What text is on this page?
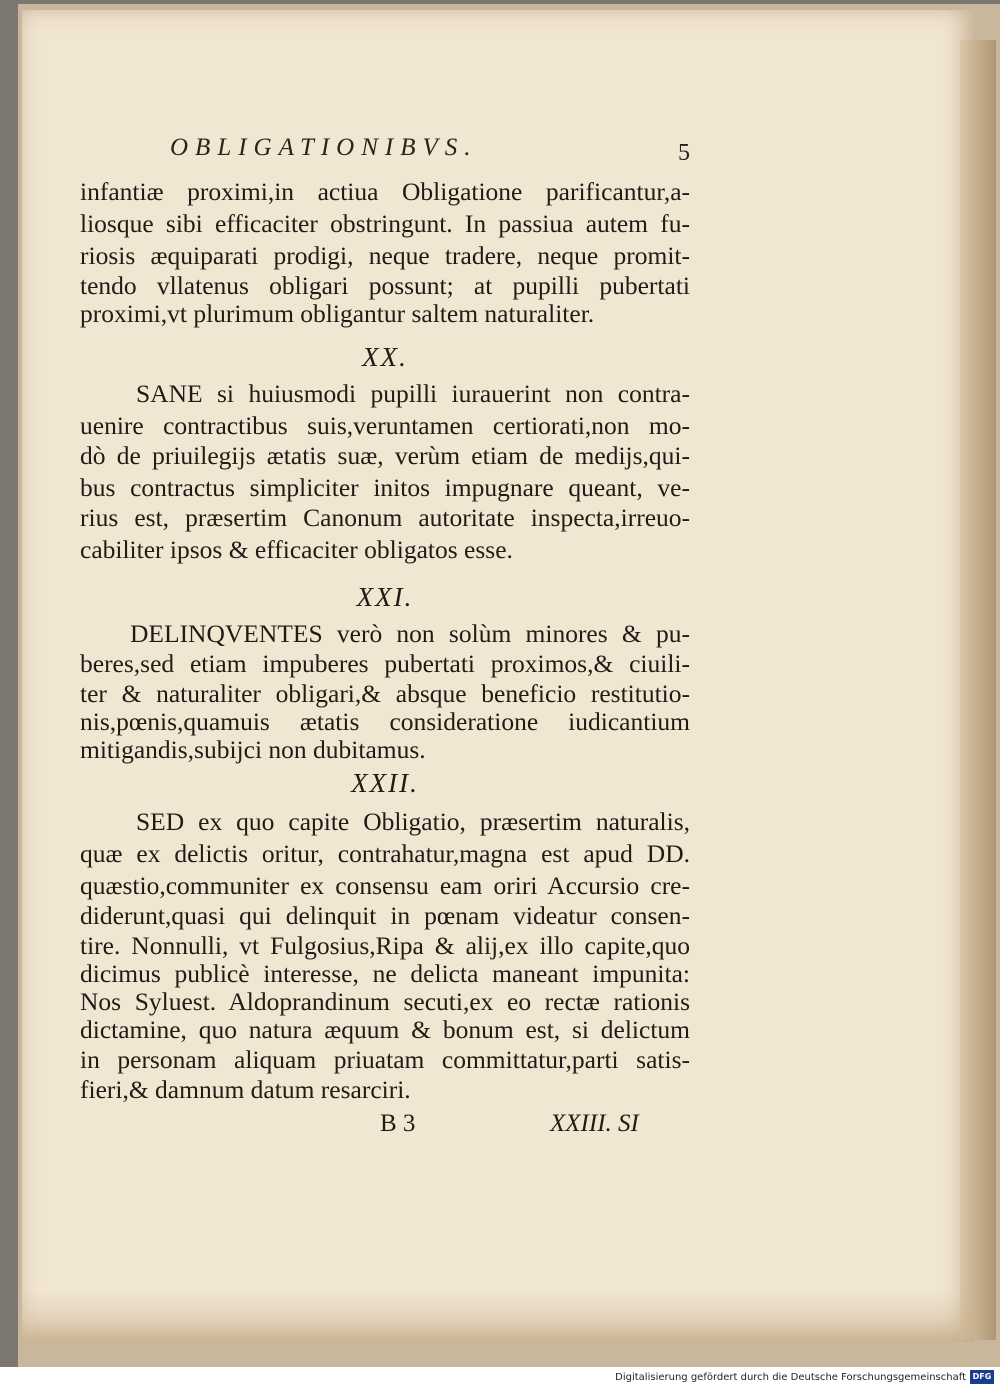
OBLIGATIONIBVS.	5
infantiæ proximi,in actiua Obligatione parificantur,a-
liosque sibi efficaciter obstringunt. In passiua autem fu-
riosis æquiparati prodigi, neque tradere, neque promit-
tendo vllatenus obligari possunt; at pupilli pubertati
proximi,vt plurimum obligantur saltem naturaliter.
XX.
SANE si huiusmodi pupilli iurauerint non contra-
uenire contractibus suis,veruntamen certiorati,non mo-
dò de priuilegijs ætatis suæ, verùm etiam de medijs,qui-
bus contractus simpliciter initos impugnare queant, ve-
rius est, præsertim Canonum autoritate inspecta,irreuo-
cabiliter ipsos & efficaciter obligatos esse.
XXI.
DELINQVENTES verò non solùm minores & pu-
beres,sed etiam impuberes pubertati proximos,& ciuili-
ter & naturaliter obligari,& absque beneficio restitutio-
nis,pœnis,quamuis ætatis consideratione iudicantium
mitigandis,subijci non dubitamus.
XXII.
SED ex quo capite Obligatio, præsertim naturalis,
quæ ex delictis oritur, contrahatur,magna est apud DD.
quæstio,communiter ex consensu eam oriri Accursio cre-
diderunt,quasi qui delinquit in pœnam videatur consen-
tire. Nonnulli, vt Fulgosius,Ripa & alij,ex illo capite,quo
dicimus publicè interesse, ne delicta maneant impunita:
Nos Syluest. Aldoprandinum secuti,ex eo rectæ rationis
dictamine, quo natura æquum & bonum est, si delictum
in personam aliquam priuatam committatur,parti satis-
fieri,& damnum datum resarciri.
B 3	XXIII. SI
Digitalisierung gefördert durch die Deutsche Forschungsgemeinschaft DFG
